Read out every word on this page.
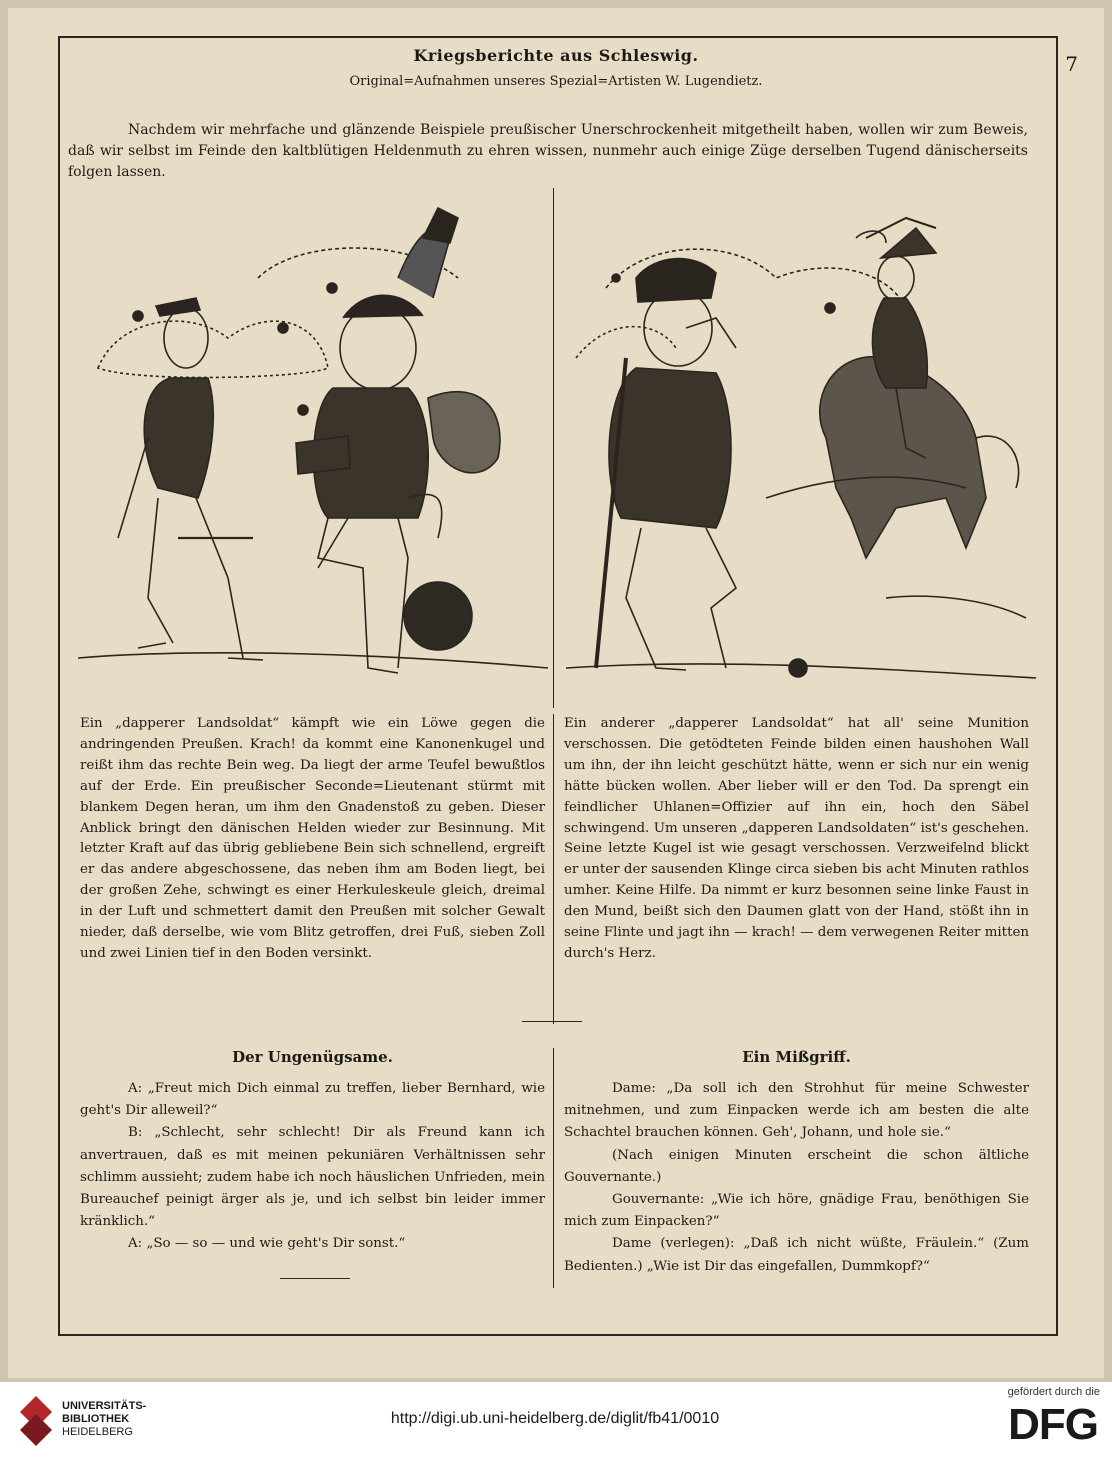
Kriegsberichte aus Schleswig.	7
Original=Aufnahmen unseres Spezial=Artisten W. Lugendietz.

Nachdem wir mehrfache und glänzende Beispiele preußischer Unerschrockenheit mitgetheilt haben, wollen wir zum Beweis, daß wir selbst im Feinde den kaltblütigen Heldenmuth zu ehren wissen, nunmehr auch einige Züge derselben Tugend dänischerseits folgen lassen.

Ein „dapperer Landsoldat“ kämpft wie ein Löwe gegen die andringenden Preußen. Krach! da kommt eine Kanonenkugel und reißt ihm das rechte Bein weg. Da liegt der arme Teufel bewußtlos auf der Erde. Ein preußischer Seconde=Lieutenant stürmt mit blankem Degen heran, um ihm den Gnadenstoß zu geben. Dieser Anblick bringt den dänischen Helden wieder zur Besinnung. Mit letzter Kraft auf das übrig gebliebene Bein sich schnellend, ergreift er das andere abgeschossene, das neben ihm am Boden liegt, bei der großen Zehe, schwingt es einer Herkuleskeule gleich, dreimal in der Luft und schmettert damit den Preußen mit solcher Gewalt nieder, daß derselbe, wie vom Blitz getroffen, drei Fuß, sieben Zoll und zwei Linien tief in den Boden versinkt.

Ein anderer „dapperer Landsoldat“ hat all' seine Munition verschossen. Die getödteten Feinde bilden einen haushohen Wall um ihn, der ihn leicht geschützt hätte, wenn er sich nur ein wenig hätte bücken wollen. Aber lieber will er den Tod. Da sprengt ein feindlicher Uhlanen=Offizier auf ihn ein, hoch den Säbel schwingend. Um unseren „dapperen Landsoldaten“ ist's geschehen. Seine letzte Kugel ist wie gesagt verschossen. Verzweifelnd blickt er unter der sausenden Klinge circa sieben bis acht Minuten rathlos umher. Keine Hilfe. Da nimmt er kurz besonnen seine linke Faust in den Mund, beißt sich den Daumen glatt von der Hand, stößt ihn in seine Flinte und jagt ihn — krach! — dem verwegenen Reiter mitten durch's Herz.

Der Ungenügsame.	Ein Mißgriff.

A: „Freut mich Dich einmal zu treffen, lieber Bernhard, wie geht's Dir alleweil?“

B: „Schlecht, sehr schlecht! Dir als Freund kann ich anvertrauen, daß es mit meinen pekuniären Verhältnissen sehr schlimm aussieht; zudem habe ich noch häuslichen Unfrieden, mein Bureauchef peinigt ärger als je, und ich selbst bin leider immer kränklich.“

A: „So — so — und wie geht's Dir sonst.“

Dame: „Da soll ich den Strohhut für meine Schwester mitnehmen, und zum Einpacken werde ich am besten die alte Schachtel brauchen können. Geh', Johann, und hole sie.“

(Nach einigen Minuten erscheint die schon ältliche Gouvernante.)

Gouvernante: „Wie ich höre, gnädige Frau, benöthigen Sie mich zum Einpacken?“

Dame (verlegen): „Daß ich nicht wüßte, Fräulein.“ (Zum Bedienten.) „Wie ist Dir das eingefallen, Dummkopf?“

UNIVERSITÄTS-
BIBLIOTHEK
HEIDELBERG
http://digi.ub.uni-heidelberg.de/diglit/fb41/0010
gefördert durch die
DFG
